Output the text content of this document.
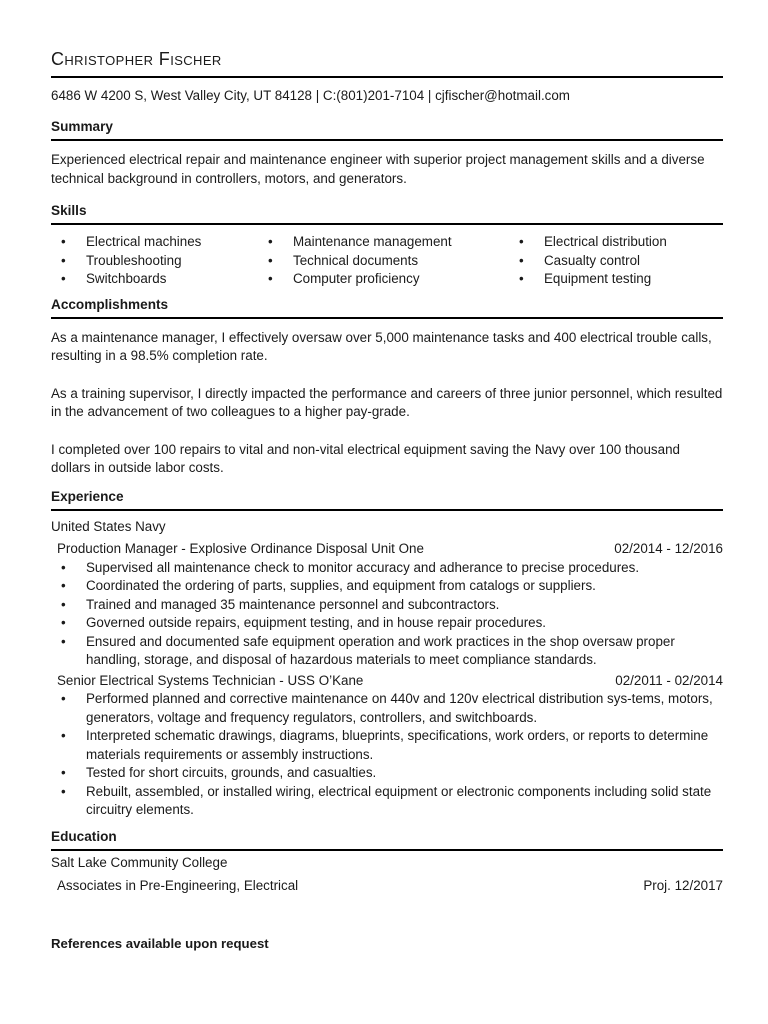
Christopher Fischer
6486 W 4200 S, West Valley City, UT 84128 | C:(801)201-7104 | cjfischer@hotmail.com
Summary

Experienced electrical repair and maintenance engineer with superior project management skills and a diverse technical background in controllers, motors, and generators.

Skills
• Electrical machines
• Troubleshooting
• Switchboards
• Maintenance management
• Technical documents
• Computer proficiency
• Electrical distribution
• Casualty control
• Equipment testing
Accomplishments

As a maintenance manager, I effectively oversaw over 5,000 maintenance tasks and 400 electrical trouble calls, resulting in a 98.5% completion rate.

As a training supervisor, I directly impacted the performance and careers of three junior personnel, which resulted in the advancement of two colleagues to a higher pay-grade.

I completed over 100 repairs to vital and non-vital electrical equipment saving the Navy over 100 thousand dollars in outside labor costs.

Experience
United States Navy
Production Manager - Explosive Ordinance Disposal Unit One	02/2014 - 12/2016
• Supervised all maintenance check to monitor accuracy and adherance to precise procedures.
• Coordinated the ordering of parts, supplies, and equipment from catalogs or suppliers.
• Trained and managed 35 maintenance personnel and subcontractors.
• Governed outside repairs, equipment testing, and in house repair procedures.
• Ensured and documented safe equipment operation and work practices in the shop oversaw proper handling, storage, and disposal of hazardous materials to meet compliance standards.
Senior Electrical Systems Technician - USS O’Kane	02/2011 - 02/2014
• Performed planned and corrective maintenance on 440v and 120v electrical distribution sys-tems, motors, generators, voltage and frequency regulators, controllers, and switchboards.
• Interpreted schematic drawings, diagrams, blueprints, specifications, work orders, or reports to determine materials requirements or assembly instructions.
• Tested for short circuits, grounds, and casualties.
• Rebuilt, assembled, or installed wiring, electrical equipment or electronic components including solid state circuitry elements.
Education
Salt Lake Community College
Associates in Pre-Engineering, Electrical	Proj. 12/2017
References available upon request
